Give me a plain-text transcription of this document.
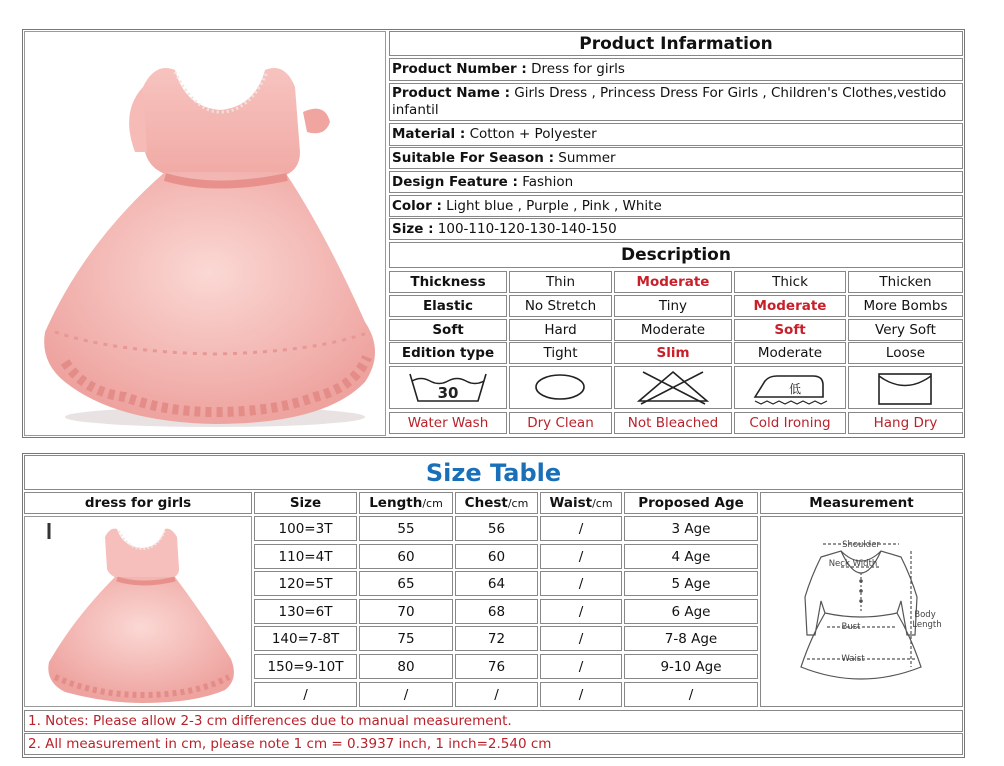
Product Infarmation
Product Number : Dress for girls
Product Name : Girls Dress , Princess Dress For Girls , Children's Clothes,vestido infantil
Material : Cotton + Polyester
Suitable For Season : Summer
Design Feature : Fashion
Color : Light blue , Purple , Pink , White
Size : 100-110-120-130-140-150
Description
Thickness	Thin	Moderate	Thick	Thicken
Elastic	No Stretch	Tiny	Moderate	More Bombs
Soft	Hard	Moderate	Soft	Very Soft
Edition type	Tight	Slim	Moderate	Loose
30	低
Water Wash	Dry Clean	Not Bleached	Cold Ironing	Hang Dry
Size Table
dress for girls	Size	Length/cm	Chest/cm	Waist/cm	Proposed Age	Measurement
100=3T	55	56	/	3 Age
110=4T	60	60	/	4 Age
120=5T	65	64	/	5 Age
130=6T	70	68	/	6 Age
140=7-8T	75	72	/	7-8 Age
150=9-10T	80	76	/	9-10 Age
/	/	/	/	/
Shoulder
Neck Width
Body
Length
Bust
Waist
1. Notes: Please allow 2-3 cm differences due to manual measurement.
2. All measurement in cm, please note 1 cm = 0.3937 inch, 1 inch=2.540 cm
